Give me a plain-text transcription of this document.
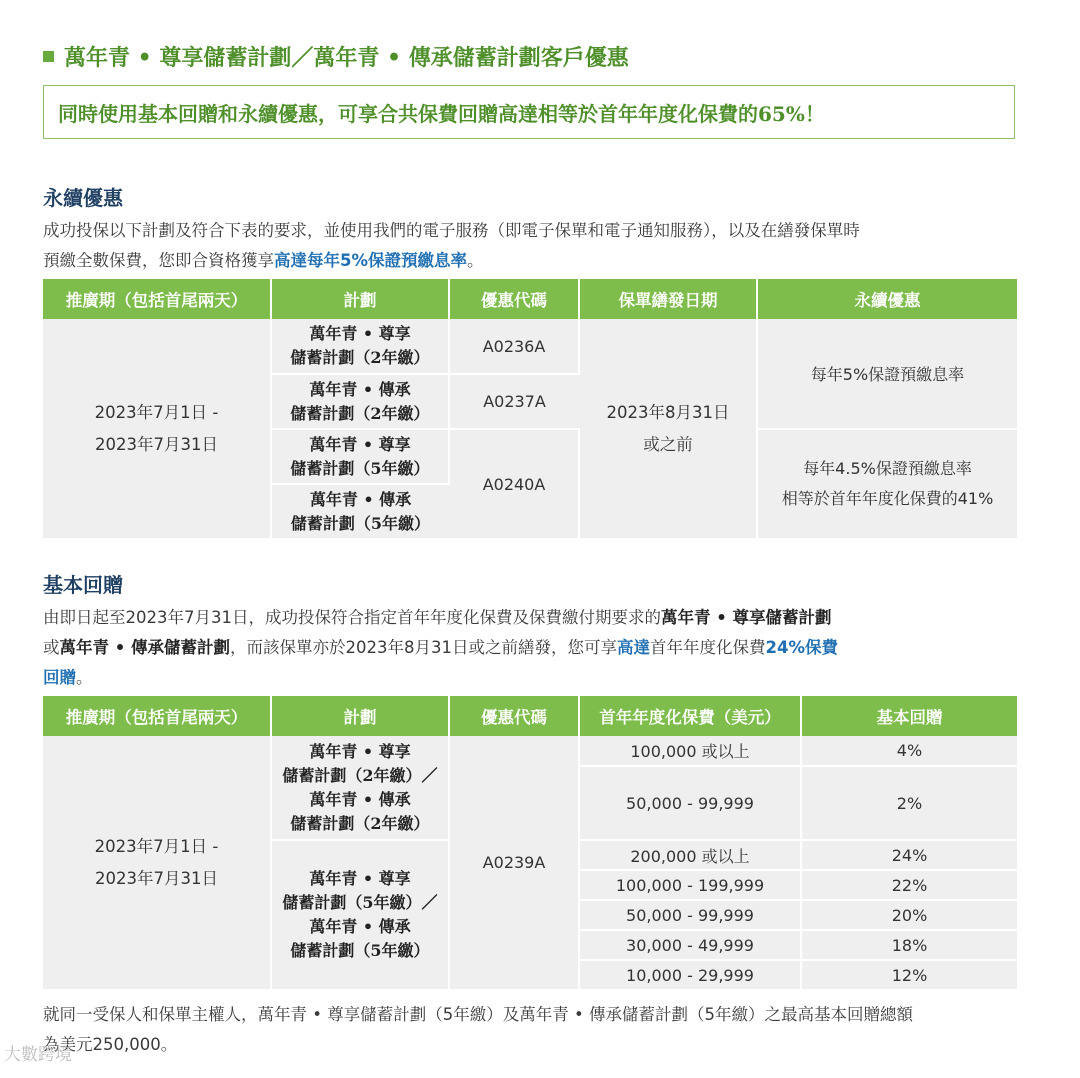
萬年青 • 尊享儲蓄計劃／萬年青 • 傳承儲蓄計劃客戶優惠
同時使用基本回贈和永續優惠，可享合共保費回贈高達相等於首年年度化保費的65%！
永續優惠
成功投保以下計劃及符合下表的要求，並使用我們的電子服務（即電子保單和電子通知服務），以及在繕發保單時
預繳全數保費，您即合資格獲享高達每年5%保證預繳息率。
推廣期（包括首尾兩天）	計劃	優惠代碼	保單繕發日期	永續優惠

2023年7月1日 -
2023年7月31日	萬年青 • 尊享
儲蓄計劃（2年繳）	A0236A	2023年8月31日
或之前	每年5%保證預繳息率

	萬年青 • 傳承
儲蓄計劃（2年繳）	A0237A		

	萬年青 • 尊享
儲蓄計劃（5年繳）	A0240A		每年4.5%保證預繳息率
相等於首年年度化保費的41%

	萬年青 • 傳承
儲蓄計劃（5年繳）			
基本回贈
由即日起至2023年7月31日，成功投保符合指定首年年度化保費及保費繳付期要求的萬年青 • 尊享儲蓄計劃
或萬年青 • 傳承儲蓄計劃，而該保單亦於2023年8月31日或之前繕發，您可享高達首年年度化保費24%保費
回贈。
推廣期（包括首尾兩天）	計劃	優惠代碼	首年年度化保費（美元）	基本回贈

2023年7月1日 -
2023年7月31日	萬年青 • 尊享
儲蓄計劃（2年繳）／
萬年青 • 傳承
儲蓄計劃（2年繳）	A0239A	100,000 或以上	4%
			50,000 - 99,999	2%

	萬年青 • 尊享
儲蓄計劃（5年繳）／
萬年青 • 傳承
儲蓄計劃（5年繳）		200,000 或以上	24%
			100,000 - 199,999	22%
			50,000 - 99,999	20%
			30,000 - 49,999	18%
			10,000 - 29,999	12%
就同一受保人和保單主權人，萬年青 • 尊享儲蓄計劃（5年繳）及萬年青 • 傳承儲蓄計劃（5年繳）之最高基本回贈總額
為美元250,000。
大數跨境
